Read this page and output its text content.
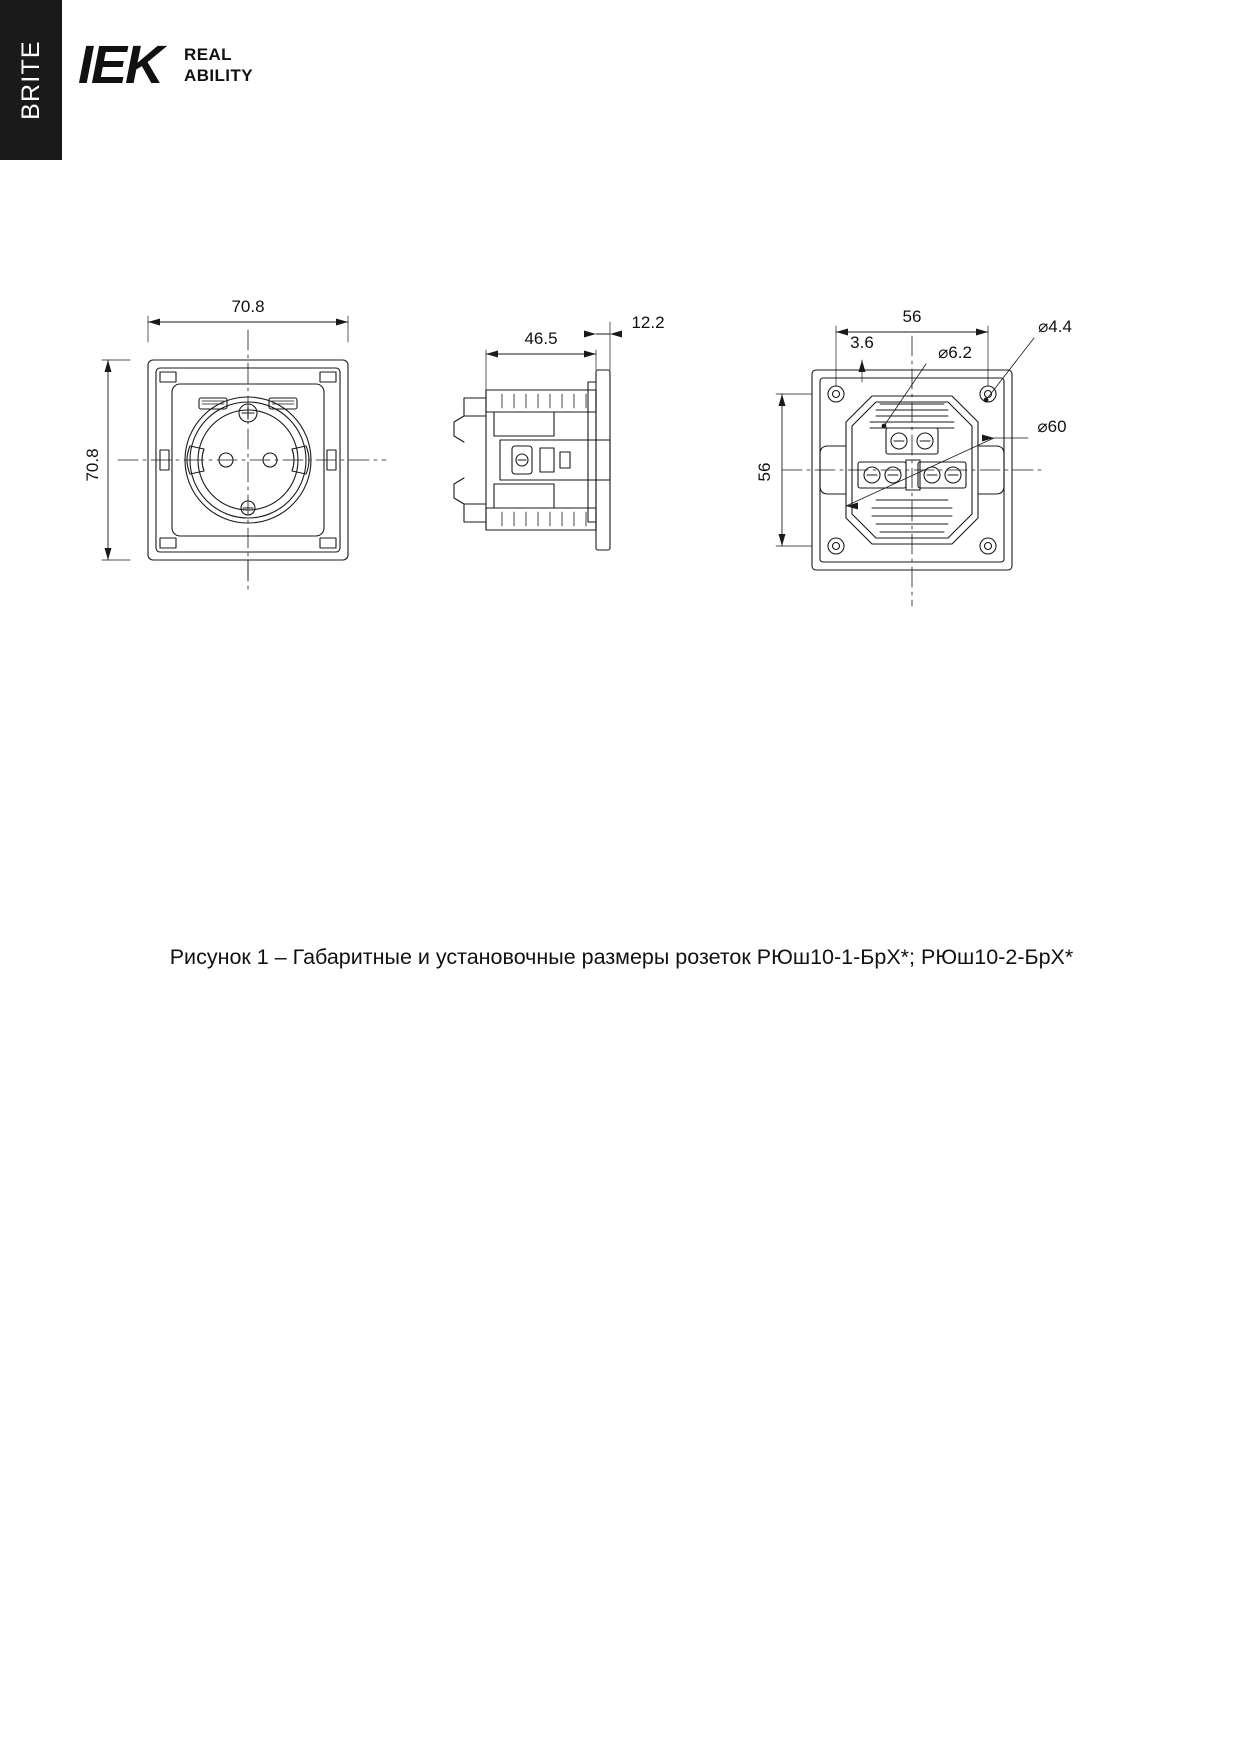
BRITE IEK REAL
ABILITY
70.8
70.8
46.5
12.2	56
56
3.6
⌀6.2
⌀4.4
⌀60
Рисунок 1 – Габаритные и установочные размеры розеток РЮш10-1-БрХ*; РЮш10-2-БрХ*
